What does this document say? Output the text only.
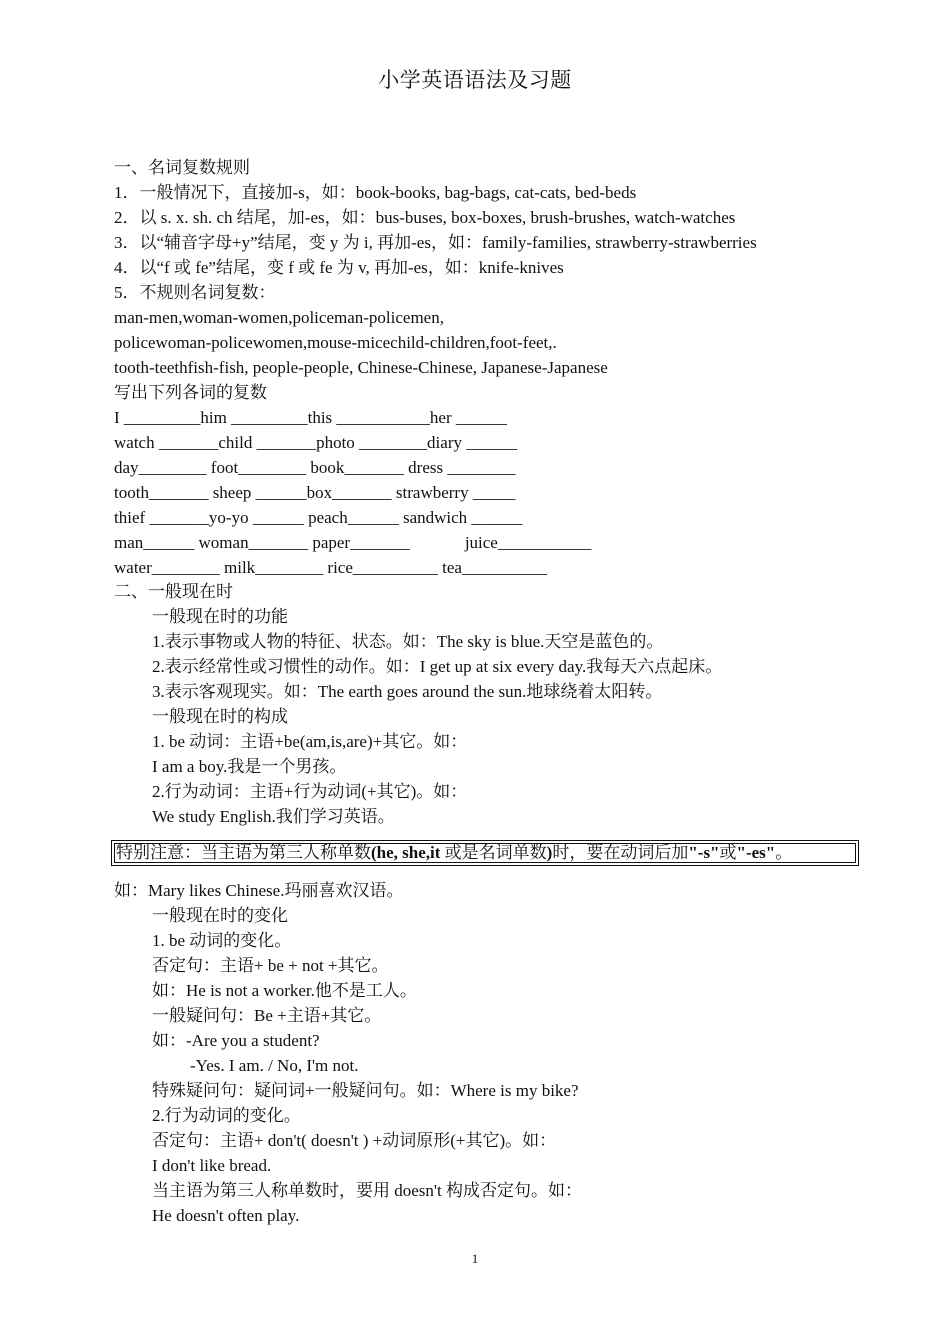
小学英语语法及习题
一、名词复数规则
1．一般情况下，直接加-s，如：book-books, bag-bags, cat-cats, bed-beds
2．以 s. x. sh. ch 结尾，加-es，如：bus-buses, box-boxes, brush-brushes, watch-watches
3．以“辅音字母+y”结尾，变 y 为 i, 再加-es，如：family-families, strawberry-strawberries
4．以“f 或 fe”结尾，变 f 或 fe 为 v, 再加-es，如：knife-knives
5．不规则名词复数：
man-men,woman-women,policeman-policemen,
policewoman-policewomen,mouse-micechild-children,foot-feet,.
tooth-teethfish-fish, people-people, Chinese-Chinese, Japanese-Japanese
写出下列各词的复数
I _________him _________this ___________her ______
watch _______child _______photo ________diary ______
day________ foot________ book_______ dress ________
tooth_______ sheep ______box_______ strawberry _____
thief _______yo-yo ______ peach______ sandwich ______
man______ woman_______ paper_______             juice___________
water________ milk________ rice__________ tea__________
二、一般现在时
一般现在时的功能
1.表示事物或人物的特征、状态。如：The sky is blue.天空是蓝色的。
2.表示经常性或习惯性的动作。如：I get up at six every day.我每天六点起床。
3.表示客观现实。如：The earth goes around the sun.地球绕着太阳转。
一般现在时的构成
1. be 动词：主语+be(am,is,are)+其它。如：
I am a boy.我是一个男孩。
2.行为动词：主语+行为动词(+其它)。如：
We study English.我们学习英语。
特别注意：当主语为第三人称单数(he, she,it 或是名词单数)时，要在动词后加"-s"或"-es"。
如：Mary likes Chinese.玛丽喜欢汉语。
一般现在时的变化
1. be 动词的变化。
否定句：主语+ be + not +其它。
如：He is not a worker.他不是工人。
一般疑问句：Be +主语+其它。
如：-Are you a student?
-Yes. I am. / No, I'm not.
特殊疑问句：疑问词+一般疑问句。如：Where is my bike?
2.行为动词的变化。
否定句：主语+ don't( doesn't ) +动词原形(+其它)。如：
I don't like bread.
当主语为第三人称单数时，要用 doesn't 构成否定句。如：
He doesn't often play.
1
